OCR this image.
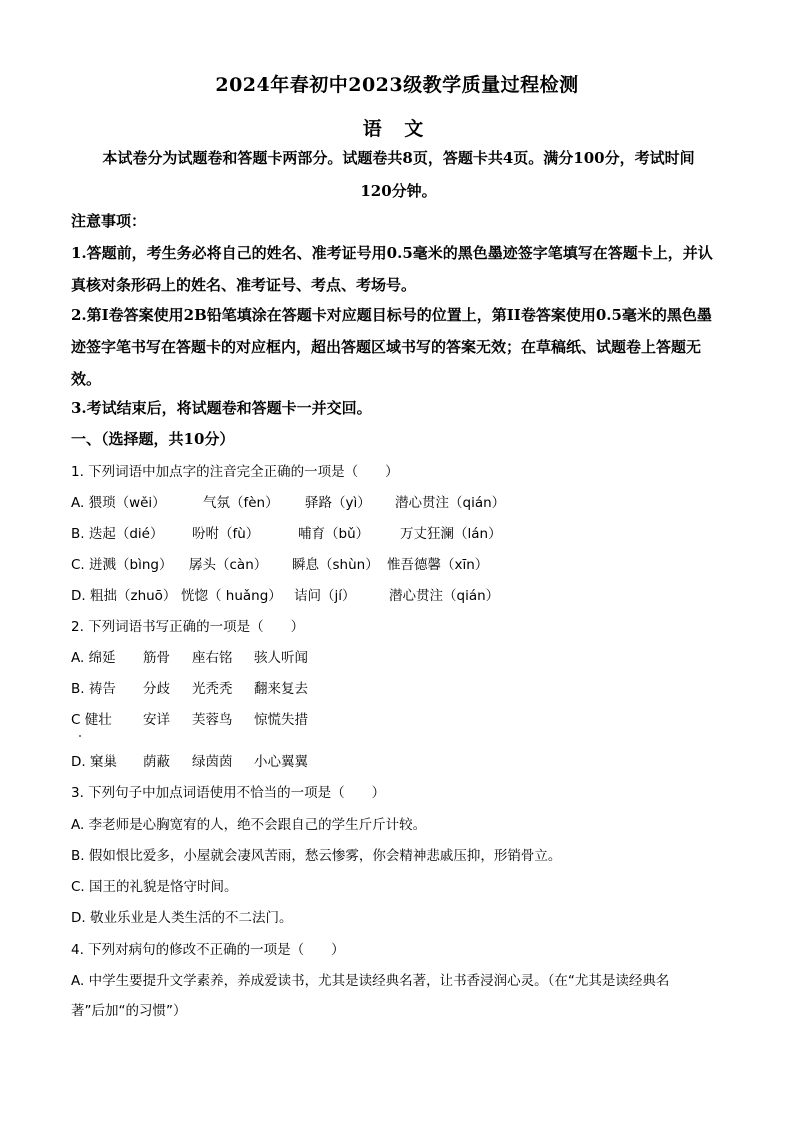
2024年春初中2023级教学质量过程检测
语 文
本试卷分为试题卷和答题卡两部分。试题卷共8页，答题卡共4页。满分100分，考试时间
120分钟。
注意事项：
1.答题前，考生务必将自己的姓名、准考证号用0.5毫米的黑色墨迹签字笔填写在答题卡上，并认真核对条形码上的姓名、准考证号、考点、考场号。
2.第I卷答案使用2B铅笔填涂在答题卡对应题目标号的位置上，第II卷答案使用0.5毫米的黑色墨迹签字笔书写在答题卡的对应框内，超出答题区域书写的答案无效；在草稿纸、试题卷上答题无效。
3.考试结束后，将试题卷和答题卡一并交回。
一、（选择题，共10分）
1. 下列词语中加点字的注音完全正确的一项是（　　）
A. 猥琐（wěi）	气氛（fèn） 驿路（yì） 潜心贯注（qián）
B. 迭起（dié） 吩咐（fù）	哺育（bǔ） 万丈狂澜（lán）
C. 迸溅（bìng） 孱头（càn） 瞬息（shùn） 惟吾德馨（xīn）
D. 粗拙（zhuō） 恍惚（ huǎng） 诘问（jí） 潜心贯注（qián）
2. 下列词语书写正确的一项是（　　）
A. 绵延 筋骨 座右铭 骇人听闻
B. 祷告 分歧 光秃秃 翻来复去
C 健壮 安详 芙蓉鸟 惊慌失措
D. 窠巢 荫蔽 绿茵茵 小心翼翼
3. 下列句子中加点词语使用不恰当的一项是（　　）
A. 李老师是心胸宽宥的人，绝不会跟自己的学生斤斤计较。
B. 假如恨比爱多，小屋就会凄风苦雨，愁云惨雾，你会精神悲戚压抑，形销骨立。
C. 国王的礼貌是恪守时间。
D. 敬业乐业是人类生活的不二法门。
4. 下列对病句的修改不正确的一项是（　　）
A. 中学生要提升文学素养，养成爱读书，尤其是读经典名著，让书香浸润心灵。（在“尤其是读经典名
著”后加“的习惯”）
